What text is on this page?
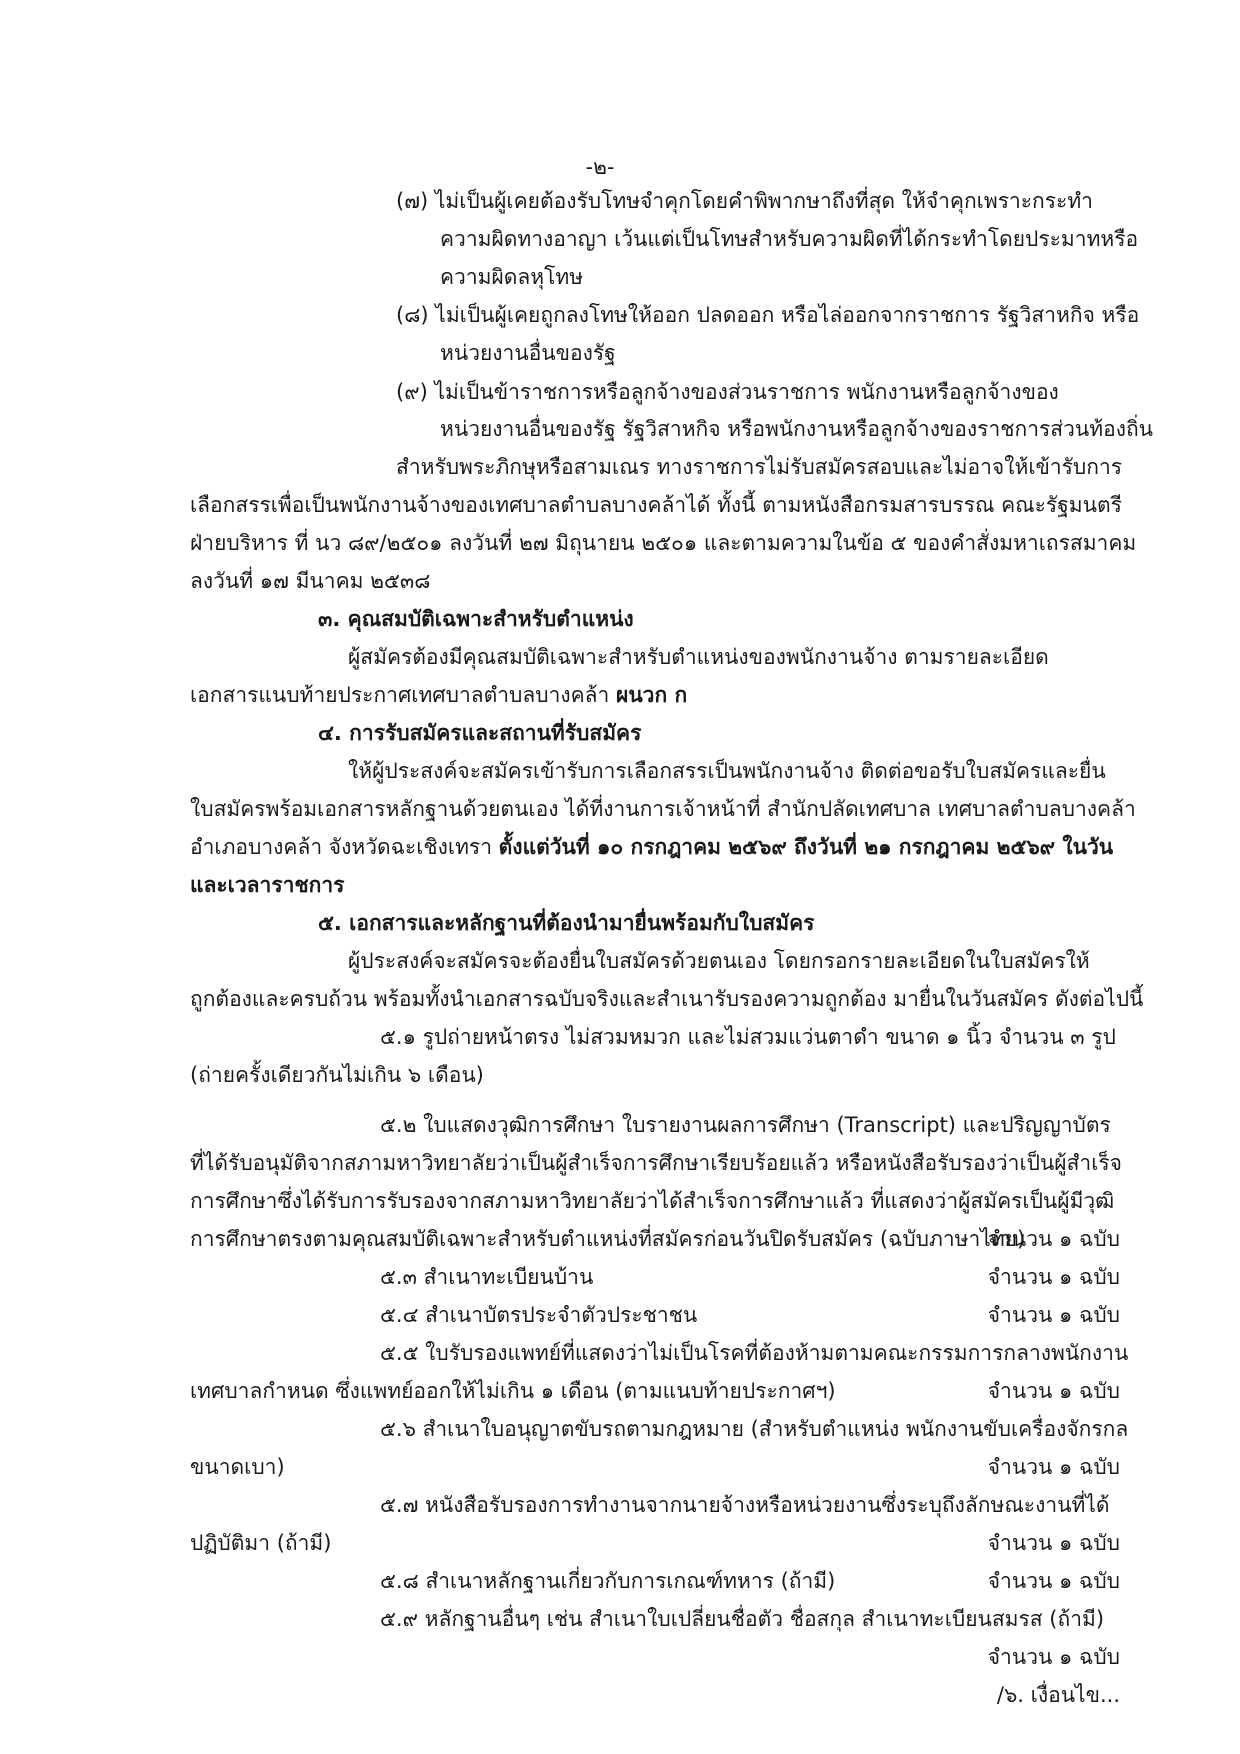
-๒-
(๗) ไม่เป็นผู้เคยต้องรับโทษจำคุกโดยคำพิพากษาถึงที่สุด ให้จำคุกเพราะกระทำ
ความผิดทางอาญา เว้นแต่เป็นโทษสำหรับความผิดที่ได้กระทำโดยประมาทหรือ
ความผิดลหุโทษ
(๘) ไม่เป็นผู้เคยถูกลงโทษให้ออก ปลดออก หรือไล่ออกจากราชการ รัฐวิสาหกิจ หรือ
หน่วยงานอื่นของรัฐ
(๙) ไม่เป็นข้าราชการหรือลูกจ้างของส่วนราชการ พนักงานหรือลูกจ้างของ
หน่วยงานอื่นของรัฐ รัฐวิสาหกิจ หรือพนักงานหรือลูกจ้างของราชการส่วนท้องถิ่น
สำหรับพระภิกษุหรือสามเณร ทางราชการไม่รับสมัครสอบและไม่อาจให้เข้ารับการ
เลือกสรรเพื่อเป็นพนักงานจ้างของเทศบาลตำบลบางคล้าได้ ทั้งนี้ ตามหนังสือกรมสารบรรณ คณะรัฐมนตรี
ฝ่ายบริหาร ที่ นว ๘๙/๒๕๐๑ ลงวันที่ ๒๗ มิถุนายน ๒๕๐๑ และตามความในข้อ ๕ ของคำสั่งมหาเถรสมาคม
ลงวันที่ ๑๗ มีนาคม ๒๕๓๘
๓. คุณสมบัติเฉพาะสำหรับตำแหน่ง
ผู้สมัครต้องมีคุณสมบัติเฉพาะสำหรับตำแหน่งของพนักงานจ้าง ตามรายละเอียด
เอกสารแนบท้ายประกาศเทศบาลตำบลบางคล้า ผนวก ก
๔. การรับสมัครและสถานที่รับสมัคร
ให้ผู้ประสงค์จะสมัครเข้ารับการเลือกสรรเป็นพนักงานจ้าง ติดต่อขอรับใบสมัครและยื่น
ใบสมัครพร้อมเอกสารหลักฐานด้วยตนเอง ได้ที่งานการเจ้าหน้าที่ สำนักปลัดเทศบาล เทศบาลตำบลบางคล้า
อำเภอบางคล้า จังหวัดฉะเชิงเทรา ตั้งแต่วันที่ ๑๐ กรกฎาคม ๒๕๖๙ ถึงวันที่ ๒๑ กรกฎาคม ๒๕๖๙ ในวัน
และเวลาราชการ
๕. เอกสารและหลักฐานที่ต้องนำมายื่นพร้อมกับใบสมัคร
ผู้ประสงค์จะสมัครจะต้องยื่นใบสมัครด้วยตนเอง โดยกรอกรายละเอียดในใบสมัครให้
ถูกต้องและครบถ้วน พร้อมทั้งนำเอกสารฉบับจริงและสำเนารับรองความถูกต้อง มายื่นในวันสมัคร ดังต่อไปนี้
๕.๑ รูปถ่ายหน้าตรง ไม่สวมหมวก และไม่สวมแว่นตาดำ ขนาด ๑ นิ้ว จำนวน ๓ รูป
(ถ่ายครั้งเดียวกันไม่เกิน ๖ เดือน)
๕.๒ ใบแสดงวุฒิการศึกษา ใบรายงานผลการศึกษา (Transcript) และปริญญาบัตร
ที่ได้รับอนุมัติจากสภามหาวิทยาลัยว่าเป็นผู้สำเร็จการศึกษาเรียบร้อยแล้ว หรือหนังสือรับรองว่าเป็นผู้สำเร็จ
การศึกษาซึ่งได้รับการรับรองจากสภามหาวิทยาลัยว่าได้สำเร็จการศึกษาแล้ว ที่แสดงว่าผู้สมัครเป็นผู้มีวุฒิ
การศึกษาตรงตามคุณสมบัติเฉพาะสำหรับตำแหน่งที่สมัครก่อนวันปิดรับสมัคร (ฉบับภาษาไทย)
จำนวน ๑ ฉบับ
๕.๓ สำเนาทะเบียนบ้าน	จำนวน ๑ ฉบับ
๕.๔ สำเนาบัตรประจำตัวประชาชน	จำนวน ๑ ฉบับ
๕.๕ ใบรับรองแพทย์ที่แสดงว่าไม่เป็นโรคที่ต้องห้ามตามคณะกรรมการกลางพนักงาน
เทศบาลกำหนด ซึ่งแพทย์ออกให้ไม่เกิน ๑ เดือน (ตามแนบท้ายประกาศฯ)	จำนวน ๑ ฉบับ
๕.๖ สำเนาใบอนุญาตขับรถตามกฎหมาย (สำหรับตำแหน่ง พนักงานขับเครื่องจักรกล
ขนาดเบา)	จำนวน ๑ ฉบับ
๕.๗ หนังสือรับรองการทำงานจากนายจ้างหรือหน่วยงานซึ่งระบุถึงลักษณะงานที่ได้
ปฏิบัติมา (ถ้ามี)	จำนวน ๑ ฉบับ
๕.๘ สำเนาหลักฐานเกี่ยวกับการเกณฑ์ทหาร (ถ้ามี)	จำนวน ๑ ฉบับ
๕.๙ หลักฐานอื่นๆ เช่น สำเนาใบเปลี่ยนชื่อตัว ชื่อสกุล สำเนาทะเบียนสมรส (ถ้ามี)
จำนวน ๑ ฉบับ
/๖. เงื่อนไข...
